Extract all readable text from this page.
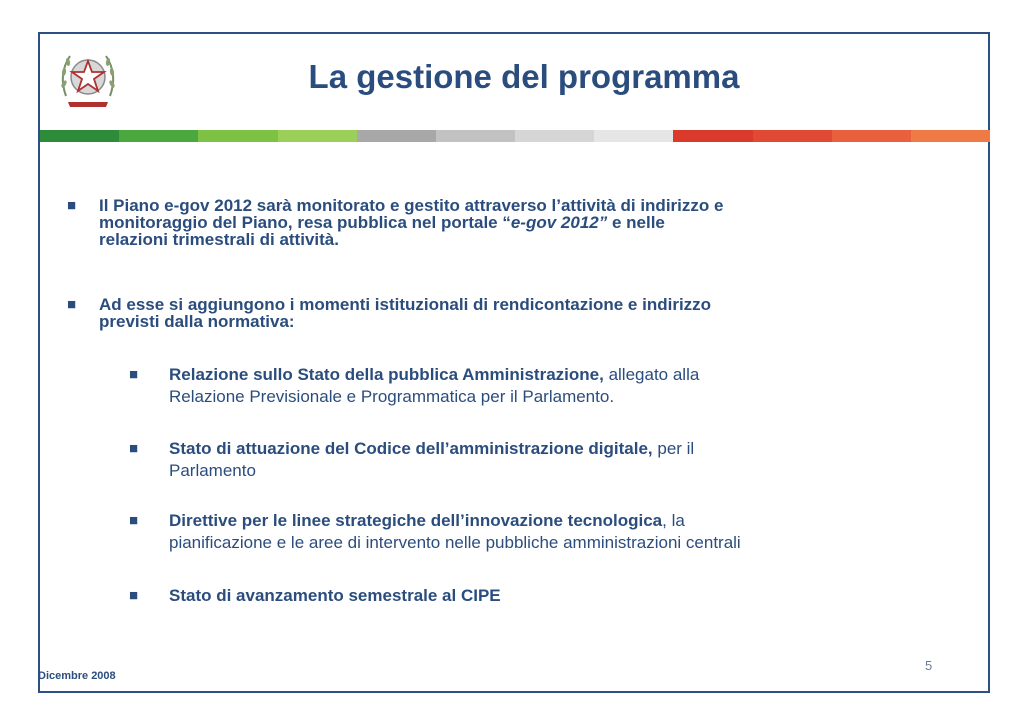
La gestione del programma
■ Il Piano e-gov 2012 sarà monitorato e gestito attraverso l’attività di indirizzo e
monitoraggio del Piano, resa pubblica nel portale “e-gov 2012” e nelle
relazioni trimestrali di attività.
■ Ad esse si aggiungono i momenti istituzionali di rendicontazione e indirizzo
previsti dalla normativa:
■ Relazione sullo Stato della pubblica Amministrazione, allegato alla
Relazione Previsionale e Programmatica per il Parlamento.
■ Stato di attuazione del Codice dell’amministrazione digitale, per il
Parlamento
■ Direttive per le linee strategiche dell’innovazione tecnologica, la
pianificazione e le aree di intervento nelle pubbliche amministrazioni centrali
■ Stato di avanzamento semestrale al CIPE
5
Dicembre 2008
